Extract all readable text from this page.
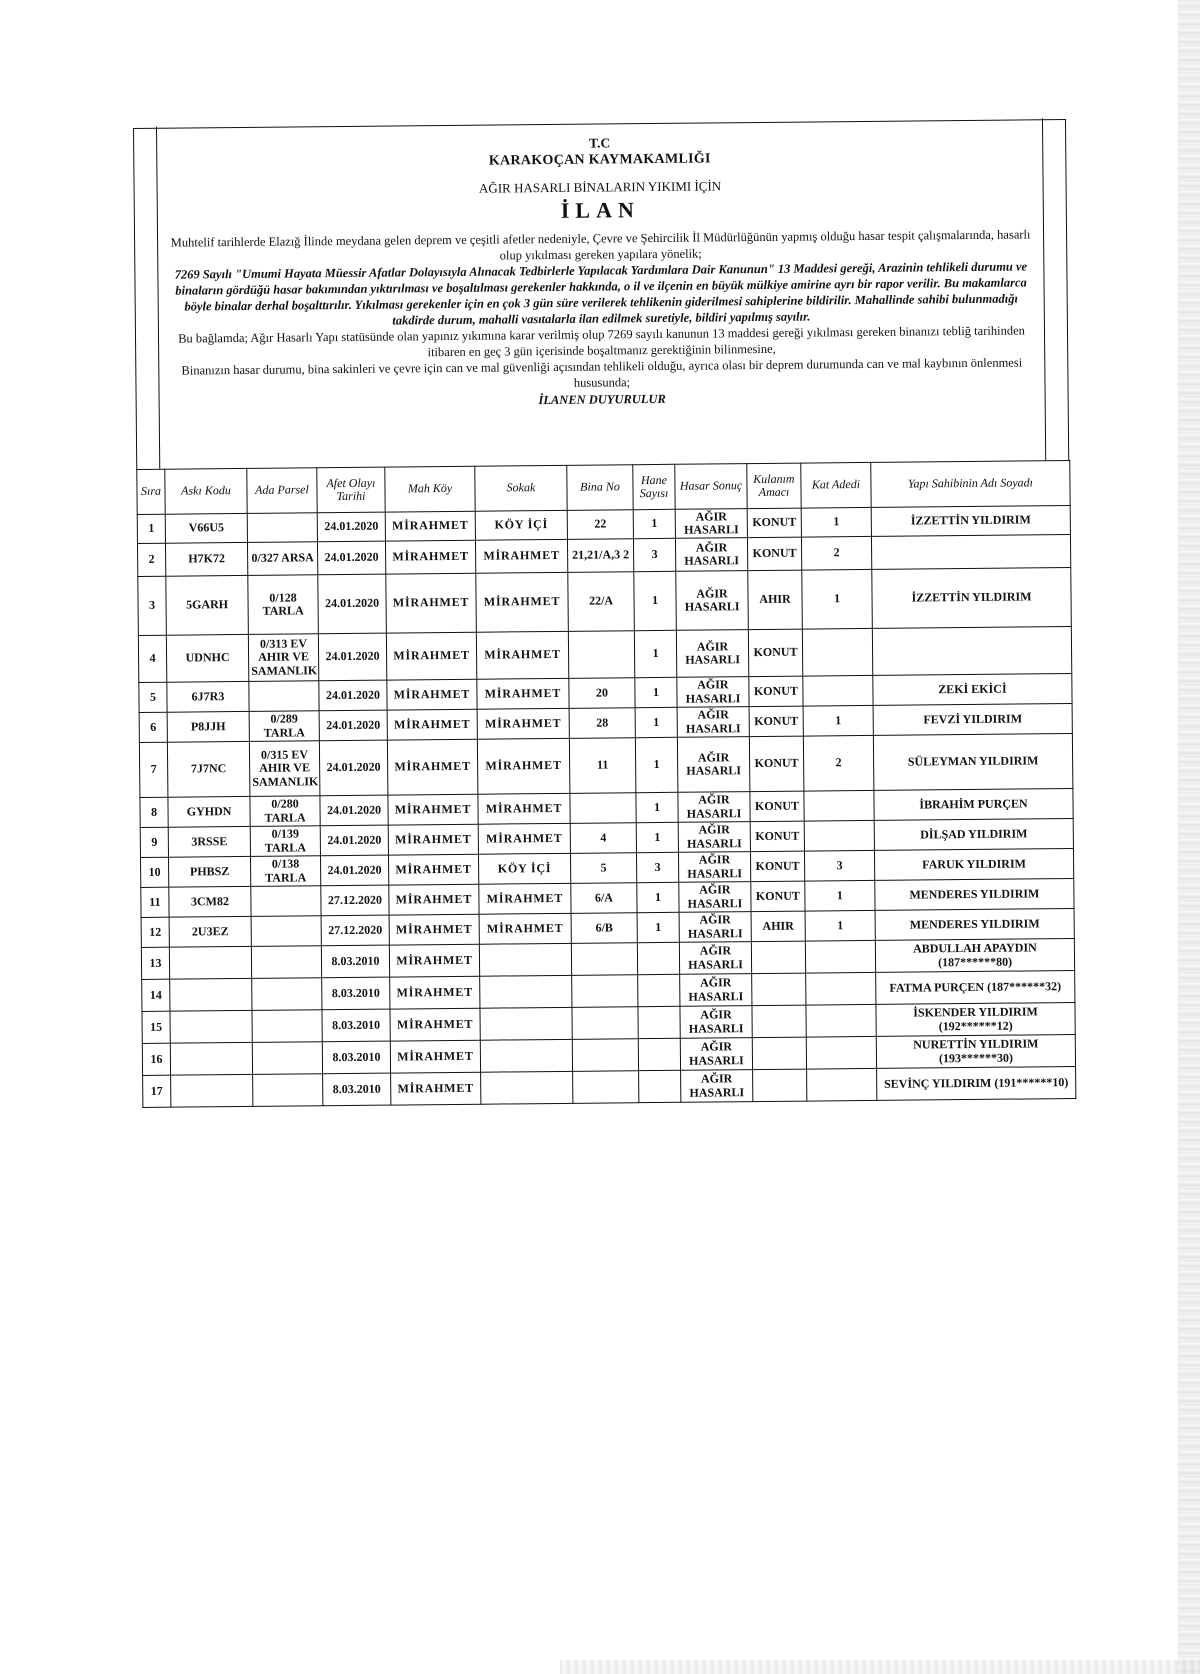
T.C
KARAKOÇAN KAYMAKAMLIĞI
AĞIR HASARLI BİNALARIN YIKIMI İÇİN
İLAN
Muhtelif tarihlerde Elazığ İlinde meydana gelen deprem ve çeşitli afetler nedeniyle, Çevre ve Şehircilik İl Müdürlüğünün yapmış olduğu hasar tespit çalışmalarında, hasarlı olup yıkılması gereken yapılara yönelik;
7269 Sayılı "Umumi Hayata Müessir Afatlar Dolayısıyla Alınacak Tedbirlerle Yapılacak Yardımlara Dair Kanunun" 13 Maddesi gereği, Arazinin tehlikeli durumu ve binaların gördüğü hasar bakımından yıktırılması ve boşaltılması gerekenler hakkında, o il ve ilçenin en büyük mülkiye amirine ayrı bir rapor verilir. Bu makamlarca böyle binalar derhal boşalttırılır. Yıkılması gerekenler için en çok 3 gün süre verilerek tehlikenin giderilmesi sahiplerine bildirilir. Mahallinde sahibi bulunmadığı takdirde durum, mahalli vasıtalarla ilan edilmek suretiyle, bildiri yapılmış sayılır.
Bu bağlamda; Ağır Hasarlı Yapı statüsünde olan yapınız yıkımına karar verilmiş olup 7269 sayılı kanunun 13 maddesi gereği yıkılması gereken binanızı tebliğ tarihinden itibaren en geç 3 gün içerisinde boşaltmanız gerektiğinin bilinmesine,
Binanızın hasar durumu, bina sakinleri ve çevre için can ve mal güvenliği açısından tehlikeli olduğu, ayrıca olası bir deprem durumunda can ve mal kaybının önlenmesi hususunda;
İLANEN DUYURULUR
Sıra	Askı Kodu	Ada Parsel	Afet Olayı Tarihi	Mah Köy	Sokak	Bina No	Hane Sayısı	Hasar Sonuç	Kulanım Amacı	Kat Adedi	Yapı Sahibinin Adı Soyadı
1	V66U5		24.01.2020	MİRAHMET	KÖY İÇİ	22	1	AĞIR HASARLI	KONUT	1	İZZETTİN YILDIRIM
2	H7K72	0/327 ARSA	24.01.2020	MİRAHMET	MİRAHMET	21,21/A,3 2	3	AĞIR HASARLI	KONUT	2	
3	5GARH	0/128 TARLA	24.01.2020	MİRAHMET	MİRAHMET	22/A	1	AĞIR HASARLI	AHIR	1	İZZETTİN YILDIRIM
4	UDNHC	0/313 EV AHIR VE SAMANLIK	24.01.2020	MİRAHMET	MİRAHMET		1	AĞIR HASARLI	KONUT		
5	6J7R3		24.01.2020	MİRAHMET	MİRAHMET	20	1	AĞIR HASARLI	KONUT		ZEKİ EKİCİ
6	P8JJH	0/289 TARLA	24.01.2020	MİRAHMET	MİRAHMET	28	1	AĞIR HASARLI	KONUT	1	FEVZİ YILDIRIM
7	7J7NC	0/315 EV AHIR VE SAMANLIK	24.01.2020	MİRAHMET	MİRAHMET	11	1	AĞIR HASARLI	KONUT	2	SÜLEYMAN YILDIRIM
8	GYHDN	0/280 TARLA	24.01.2020	MİRAHMET	MİRAHMET		1	AĞIR HASARLI	KONUT		İBRAHİM PURÇEN
9	3RSSE	0/139 TARLA	24.01.2020	MİRAHMET	MİRAHMET	4	1	AĞIR HASARLI	KONUT		DİLŞAD YILDIRIM
10	PHBSZ	0/138 TARLA	24.01.2020	MİRAHMET	KÖY İÇİ	5	3	AĞIR HASARLI	KONUT	3	FARUK YILDIRIM
11	3CM82		27.12.2020	MİRAHMET	MİRAHMET	6/A	1	AĞIR HASARLI	KONUT	1	MENDERES YILDIRIM
12	2U3EZ		27.12.2020	MİRAHMET	MİRAHMET	6/B	1	AĞIR HASARLI	AHIR	1	MENDERES YILDIRIM
13			8.03.2010	MİRAHMET				AĞIR HASARLI			ABDULLAH APAYDIN (187******80)
14			8.03.2010	MİRAHMET				AĞIR HASARLI			FATMA PURÇEN (187******32)
15			8.03.2010	MİRAHMET				AĞIR HASARLI			İSKENDER YILDIRIM (192******12)
16			8.03.2010	MİRAHMET				AĞIR HASARLI			NURETTİN YILDIRIM (193******30)
17			8.03.2010	MİRAHMET				AĞIR HASARLI			SEVİNÇ YILDIRIM (191******10)
